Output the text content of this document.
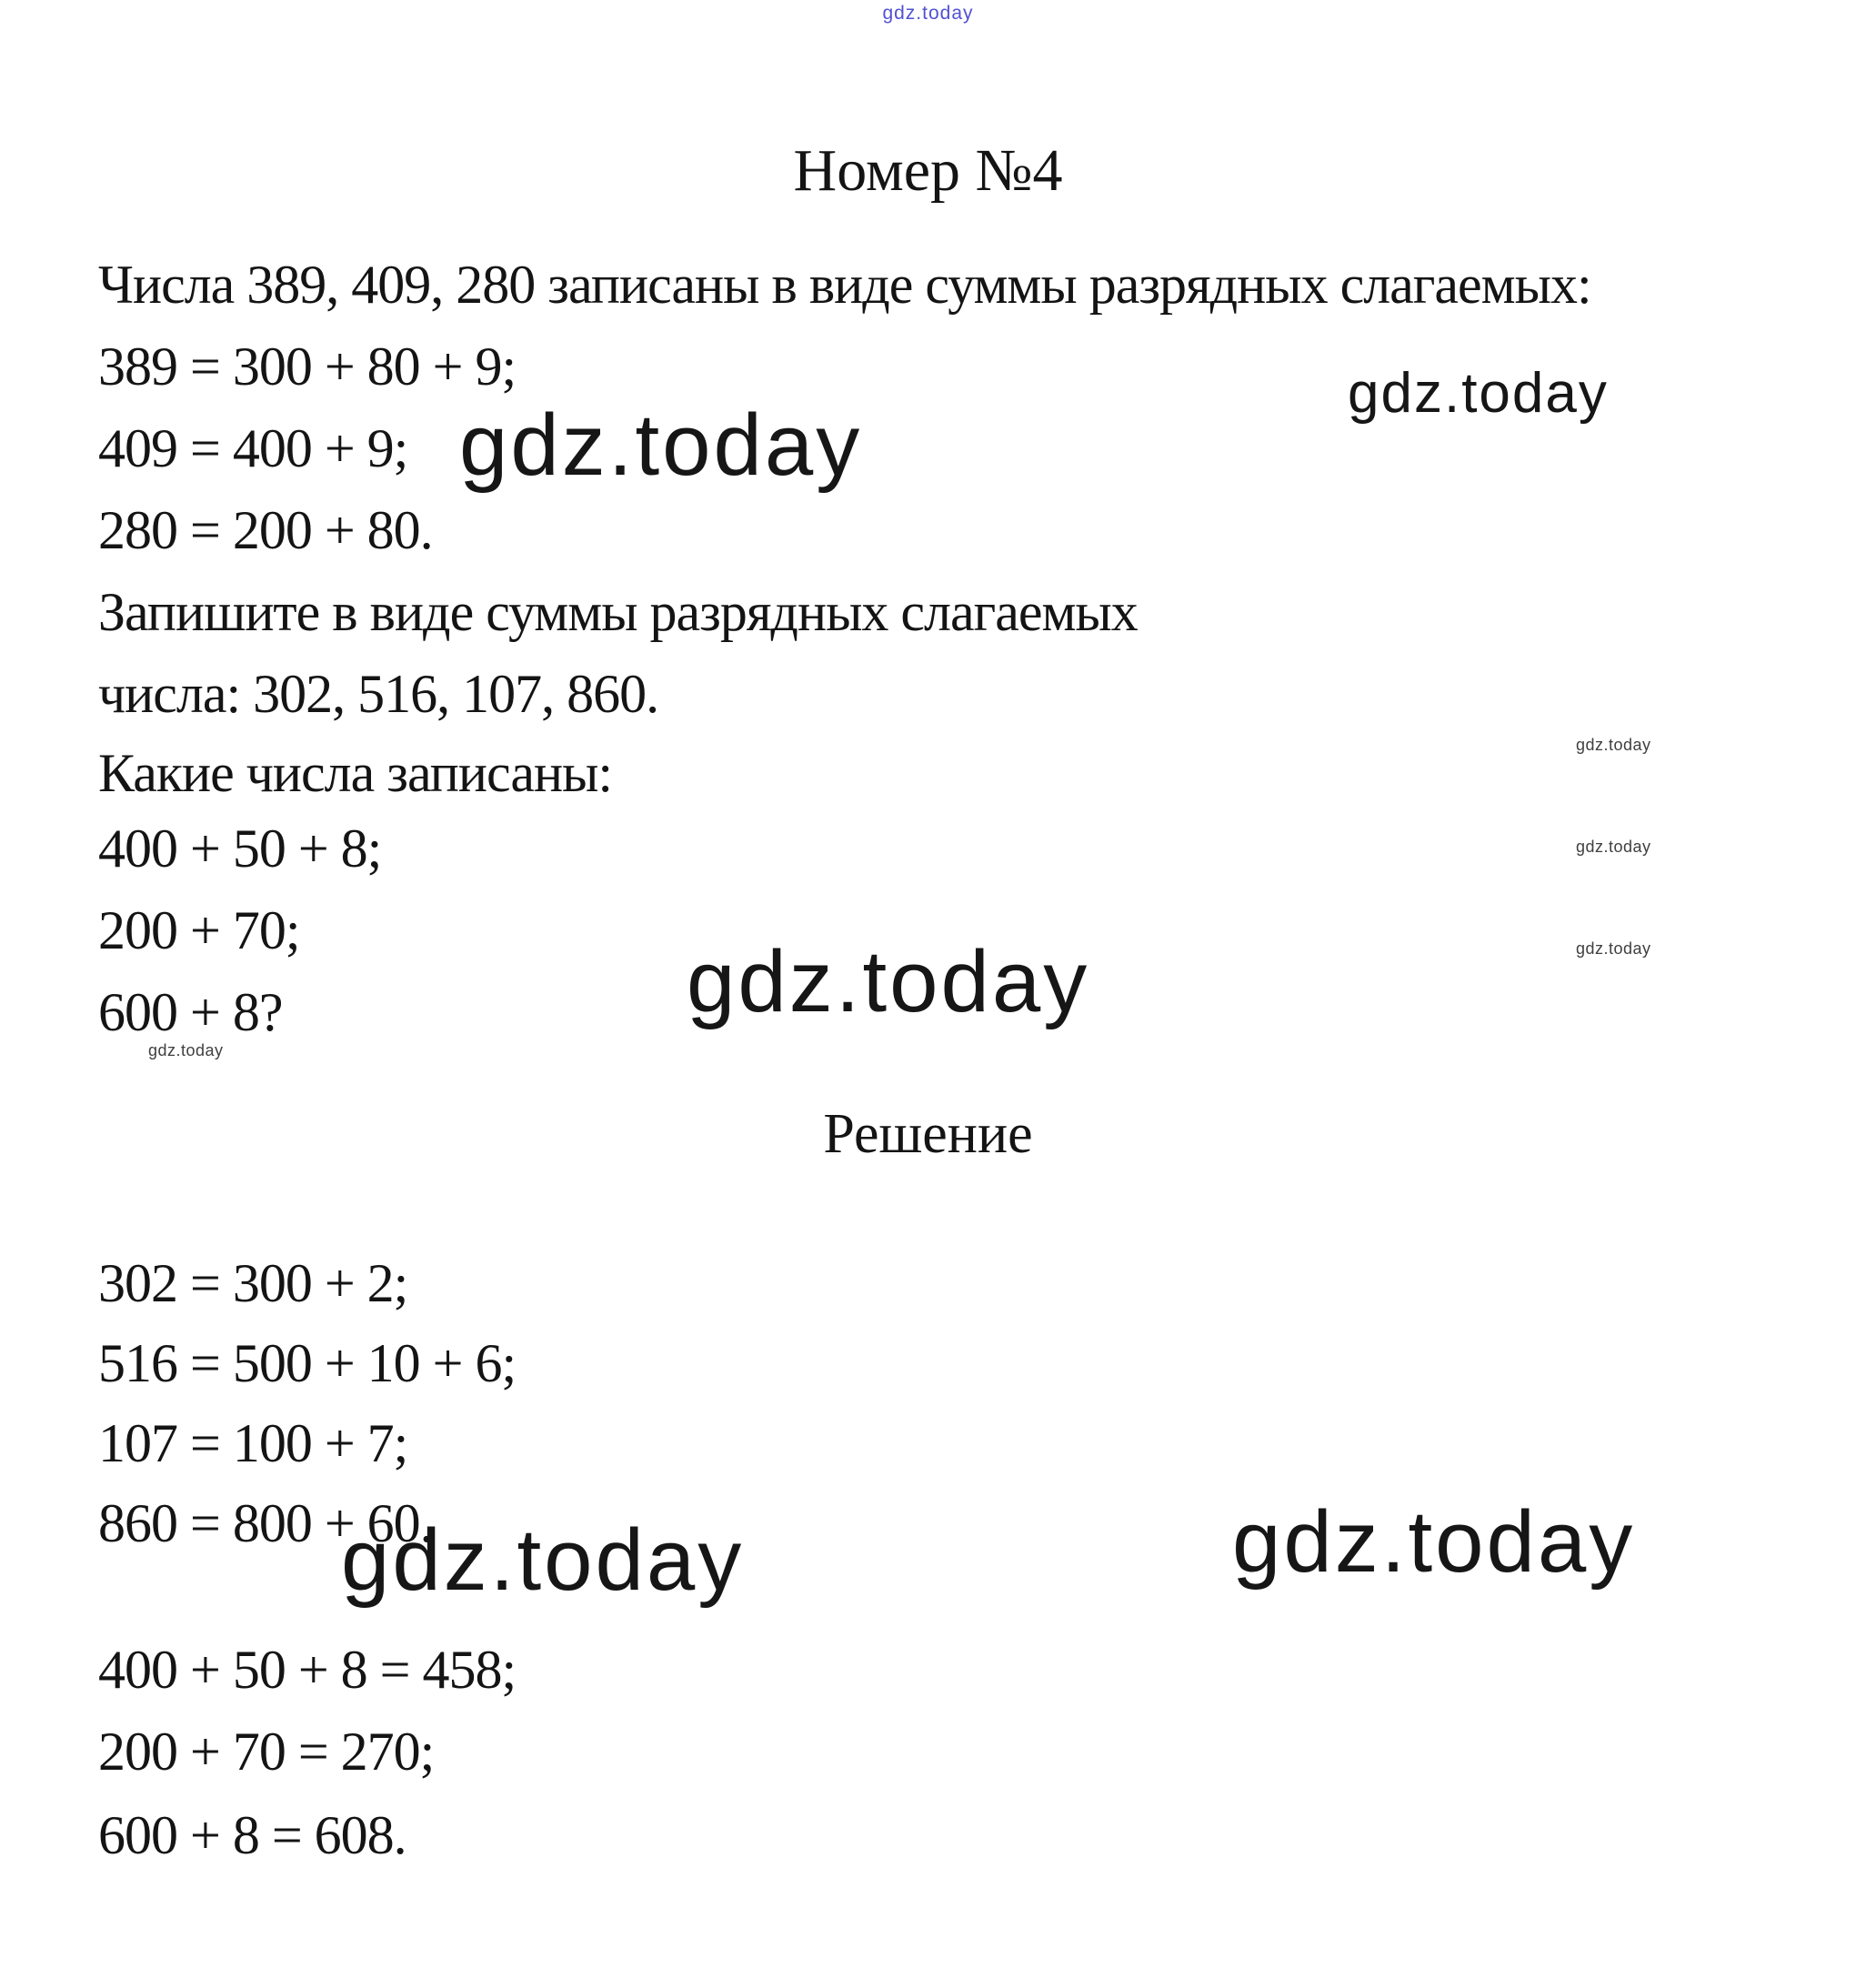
gdz.today
Номер №4
Числа 389, 409, 280 записаны в виде суммы разрядных слагаемых:
389 = 300 + 80 + 9;
409 = 400 + 9; gdz.today
gdz.today
280 = 200 + 80.
Запишите в виде суммы разрядных слагаемых
числа: 302, 516, 107, 860.
Какие числа записаны:	gdz.today
400 + 50 + 8;	gdz.today
200 + 70;	gdz.today
600 + 8?	gdz.today
gdz.today
Решение
302 = 300 + 2;
516 = 500 + 10 + 6;
107 = 100 + 7;
860 = 800 + 60.
gdz.today	gdz.today
400 + 50 + 8 = 458;
200 + 70 = 270;
600 + 8 = 608.
